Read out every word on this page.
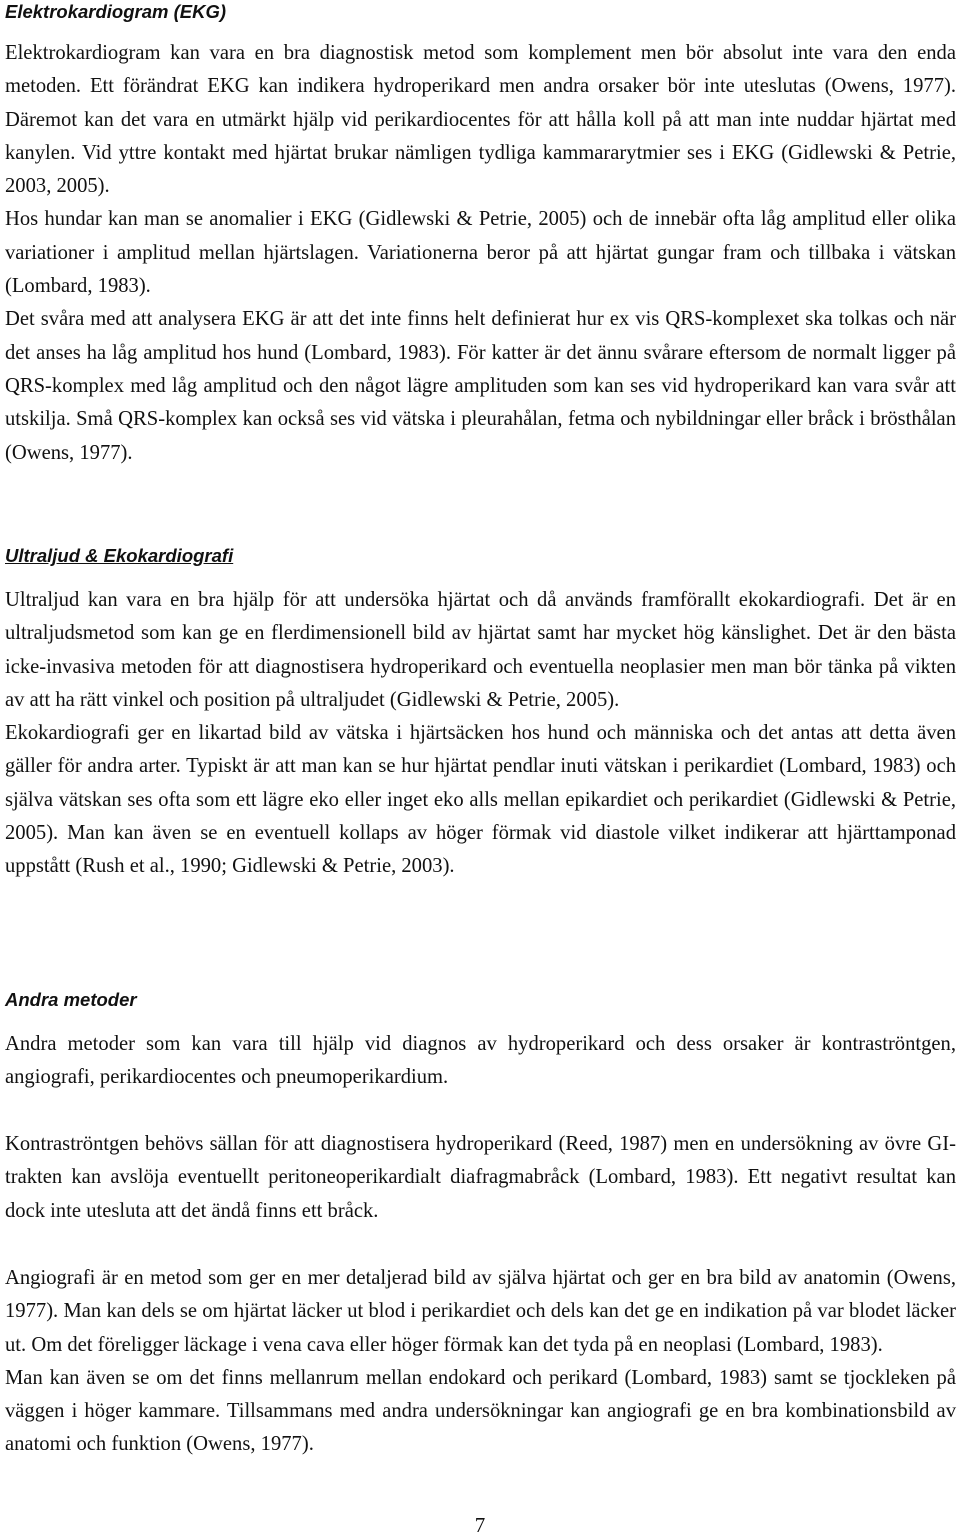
Elektrokardiogram (EKG)

Elektrokardiogram kan vara en bra diagnostisk metod som komplement men bör absolut inte vara den enda metoden. Ett förändrat EKG kan indikera hydroperikard men andra orsaker bör inte uteslutas (Owens, 1977). Däremot kan det vara en utmärkt hjälp vid perikardiocentes för att hålla koll på att man inte nuddar hjärtat med kanylen. Vid yttre kontakt med hjärtat brukar nämligen tydliga kammararytmier ses i EKG (Gidlewski & Petrie, 2003, 2005).

Hos hundar kan man se anomalier i EKG (Gidlewski & Petrie, 2005) och de innebär ofta låg amplitud eller olika variationer i amplitud mellan hjärtslagen. Variationerna beror på att hjärtat gungar fram och tillbaka i vätskan (Lombard, 1983).

Det svåra med att analysera EKG är att det inte finns helt definierat hur ex vis QRS-komplexet ska tolkas och när det anses ha låg amplitud hos hund (Lombard, 1983). För katter är det ännu svårare eftersom de normalt ligger på QRS-komplex med låg amplitud och den något lägre amplituden som kan ses vid hydroperikard kan vara svår att utskilja. Små QRS-komplex kan också ses vid vätska i pleurahålan, fetma och nybildningar eller bråck i brösthålan (Owens, 1977).

Ultraljud & Ekokardiografi

Ultraljud kan vara en bra hjälp för att undersöka hjärtat och då används framförallt ekokardiografi. Det är en ultraljudsmetod som kan ge en flerdimensionell bild av hjärtat samt har mycket hög känslighet. Det är den bästa icke-invasiva metoden för att diagnostisera hydroperikard och eventuella neoplasier men man bör tänka på vikten av att ha rätt vinkel och position på ultraljudet (Gidlewski & Petrie, 2005).

Ekokardiografi ger en likartad bild av vätska i hjärtsäcken hos hund och människa och det antas att detta även gäller för andra arter. Typiskt är att man kan se hur hjärtat pendlar inuti vätskan i perikardiet (Lombard, 1983) och själva vätskan ses ofta som ett lägre eko eller inget eko alls mellan epikardiet och perikardiet (Gidlewski & Petrie, 2005). Man kan även se en eventuell kollaps av höger förmak vid diastole vilket indikerar att hjärttamponad uppstått (Rush et al., 1990; Gidlewski & Petrie, 2003).

Andra metoder

Andra metoder som kan vara till hjälp vid diagnos av hydroperikard och dess orsaker är kontraströntgen, angiografi, perikardiocentes och pneumoperikardium.

Kontraströntgen behövs sällan för att diagnostisera hydroperikard (Reed, 1987) men en undersökning av övre GI-trakten kan avslöja eventuellt peritoneoperikardialt diafragmabråck (Lombard, 1983). Ett negativt resultat kan dock inte utesluta att det ändå finns ett bråck.

Angiografi är en metod som ger en mer detaljerad bild av själva hjärtat och ger en bra bild av anatomin (Owens, 1977). Man kan dels se om hjärtat läcker ut blod i perikardiet och dels kan det ge en indikation på var blodet läcker ut. Om det föreligger läckage i vena cava eller höger förmak kan det tyda på en neoplasi (Lombard, 1983).

Man kan även se om det finns mellanrum mellan endokard och perikard (Lombard, 1983) samt se tjockleken på väggen i höger kammare. Tillsammans med andra undersökningar kan angiografi ge en bra kombinationsbild av anatomi och funktion (Owens, 1977).

7
